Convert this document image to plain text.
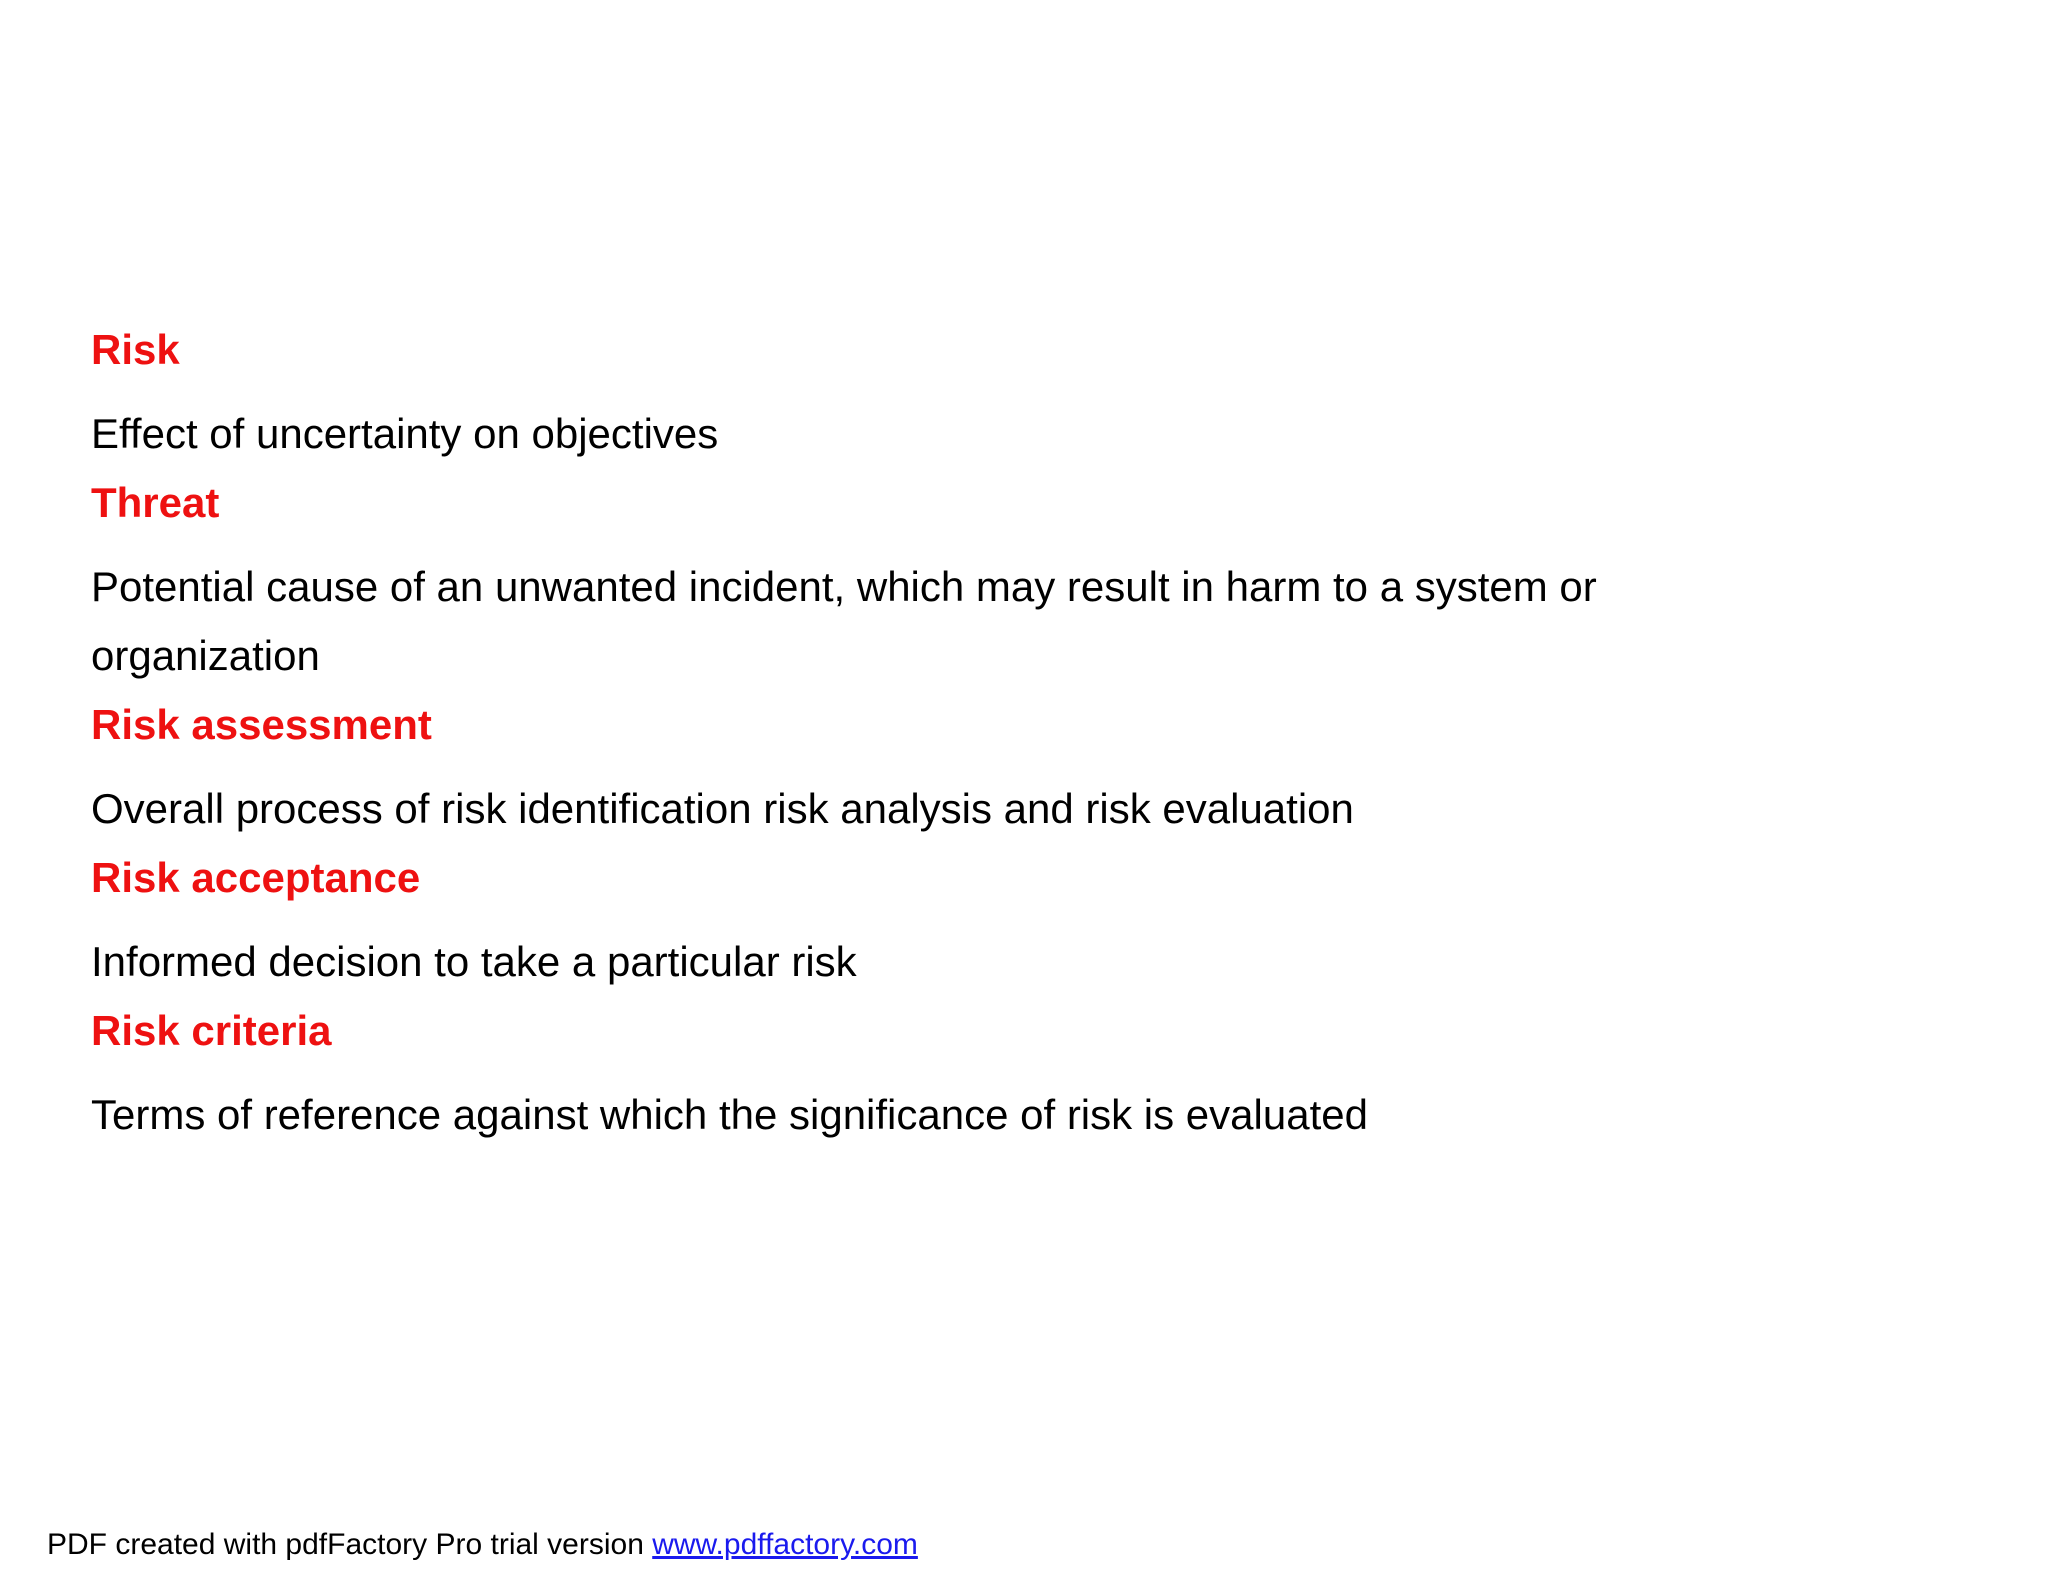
Risk
Effect of uncertainty on objectives
Threat
Potential cause of an unwanted incident, which may result in harm to a system or organization
Risk assessment
Overall process of risk identification risk analysis and risk evaluation
Risk acceptance
Informed decision to take a particular risk
Risk criteria
Terms of reference against which the significance of risk is evaluated
PDF created with pdfFactory Pro trial version www.pdffactory.com
